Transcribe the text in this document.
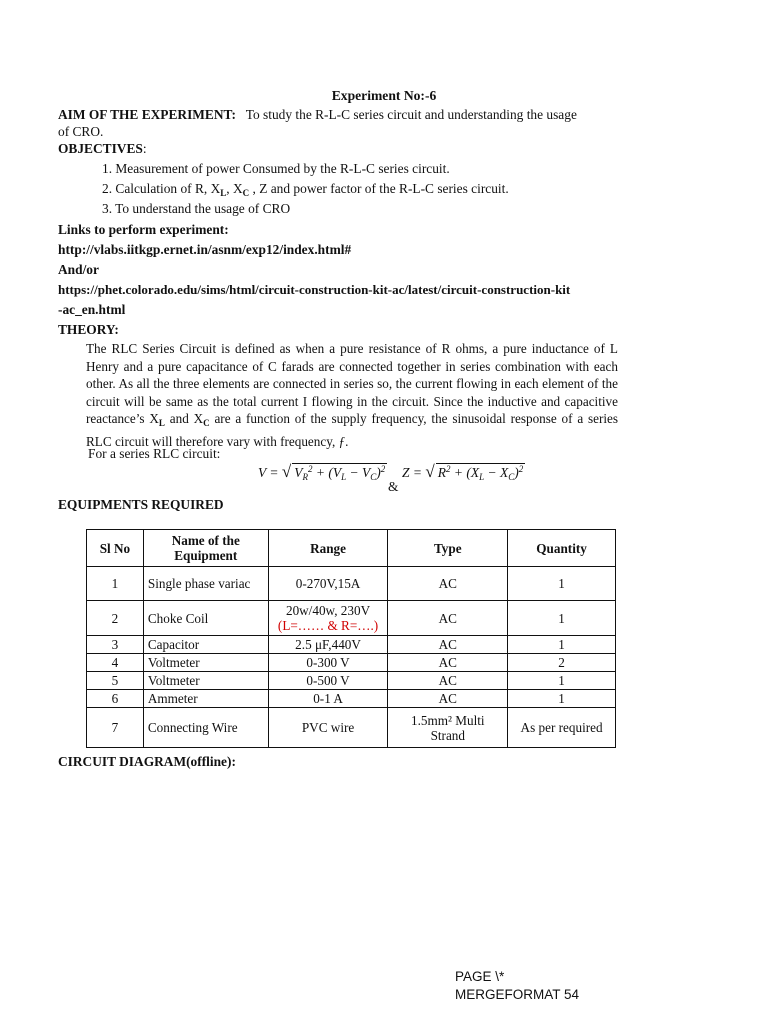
Experiment No:-6
AIM OF THE EXPERIMENT: To study the R-L-C series circuit and understanding the usage
of CRO.
OBJECTIVES:
1. Measurement of power Consumed by the R-L-C series circuit.
2. Calculation of R, $X_L$, $X_C$ , Z and power factor of the R-L-C series circuit.
3. To understand the usage of CRO
Links to perform experiment:
http://vlabs.iitkgp.ernet.in/asnm/exp12/index.html#
And/or
https://phet.colorado.edu/sims/html/circuit-construction-kit-ac/latest/circuit-construction-kit
-ac_en.html
THEORY:
The RLC Series Circuit is defined as when a pure resistance of R ohms, a pure inductance of L Henry and a pure capacitance of C farads are connected together in series combination with each other. As all the three elements are connected in series so, the current flowing in each element of the circuit will be same as the total current I flowing in the circuit. Since the inductive and capacitive reactance’s $X_L$ and $X_C$ are a function of the supply frequency, the sinusoidal response of a series RLC circuit will therefore vary with frequency, ƒ.
For a series RLC circuit:
V = √ $V_R^2 + (V_L - V_C)^2$
&
Z = √ $R^2 + (X_L - X_C)^2$
EQUIPMENTS REQUIRED
Sl No	Name of the Equipment	Range	Type	Quantity
1	Single phase variac	0-270V,15A	AC	1
2	Choke Coil	20w/40w, 230V
(L=…… & R=….)	AC	1
3	Capacitor	2.5 μF,440V	AC	1
4	Voltmeter	0-300 V	AC	2
5	Voltmeter	0-500 V	AC	1
6	Ammeter	0-1 A	AC	1
7	Connecting Wire	PVC wire	1.5mm² Multi Strand	As per required
CIRCUIT DIAGRAM(offline):
PAGE \*
MERGEFORMAT 54
